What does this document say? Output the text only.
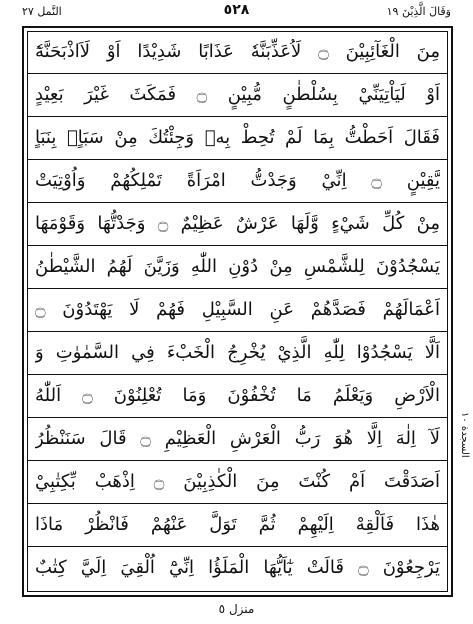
وَقَالَ الَّذِيْنَ ١٩
٥٢٨
النَّمل ٢٧
مِنَ الْغَآئِبِيْنَ ۝ لَاُعَذِّبَنَّهٗ عَذَابًا شَدِيْدًا اَوْ لَاَاذْبَحَنَّهٗٓ
اَوْ لَيَاْتِيَنِّيْ بِسُلْطٰنٍ مُّبِيْنٍ ۝ فَمَكَثَ غَيْرَ بَعِيْدٍ
فَقَالَ اَحَطْتُّ بِمَا لَمْ تُحِطْ بِهٖ وَجِئْتُكَ مِنْ سَبَاٍۭ بِنَبَاٍ
يَّقِيْنٍ ۝ اِنِّيْ وَجَدْتُّ امْرَاَةً تَمْلِكُهُمْ وَاُوْتِيَتْ
مِنْ كُلِّ شَيْءٍ وَّلَهَا عَرْشٌ عَظِيْمٌ ۝ وَجَدْتُّهَا وَقَوْمَهَا
يَسْجُدُوْنَ لِلشَّمْسِ مِنْ دُوْنِ اللّٰهِ وَزَيَّنَ لَهُمُ الشَّيْطٰنُ
اَعْمَالَهُمْ فَصَدَّهُمْ عَنِ السَّبِيْلِ فَهُمْ لَا يَهْتَدُوْنَ ۝
اَلَّا يَسْجُدُوْا لِلّٰهِ الَّذِيْ يُخْرِجُ الْخَبْءَ فِي السَّمٰوٰتِ وَ
الْاَرْضِ وَيَعْلَمُ مَا تُخْفُوْنَ وَمَا تُعْلِنُوْنَ ۝ اَللّٰهُ
لَآ اِلٰهَ اِلَّا هُوَ رَبُّ الْعَرْشِ الْعَظِيْمِ ۝ قَالَ سَنَنْظُرُ
اَصَدَقْتَ اَمْ كُنْتَ مِنَ الْكٰذِبِيْنَ ۝ اِذْهَبْ بِّكِتٰبِيْ
هٰذَا فَاَلْقِهْ اِلَيْهِمْ ثُمَّ تَوَلَّ عَنْهُمْ فَانْظُرْ مَاذَا
يَرْجِعُوْنَ ۝ قَالَتْ يٰٓاَيُّهَا الْمَلَؤُا اِنِّيْٓ اُلْقِيَ اِلَيَّ كِتٰبٌ
السجدة ١٠
منزل ٥
